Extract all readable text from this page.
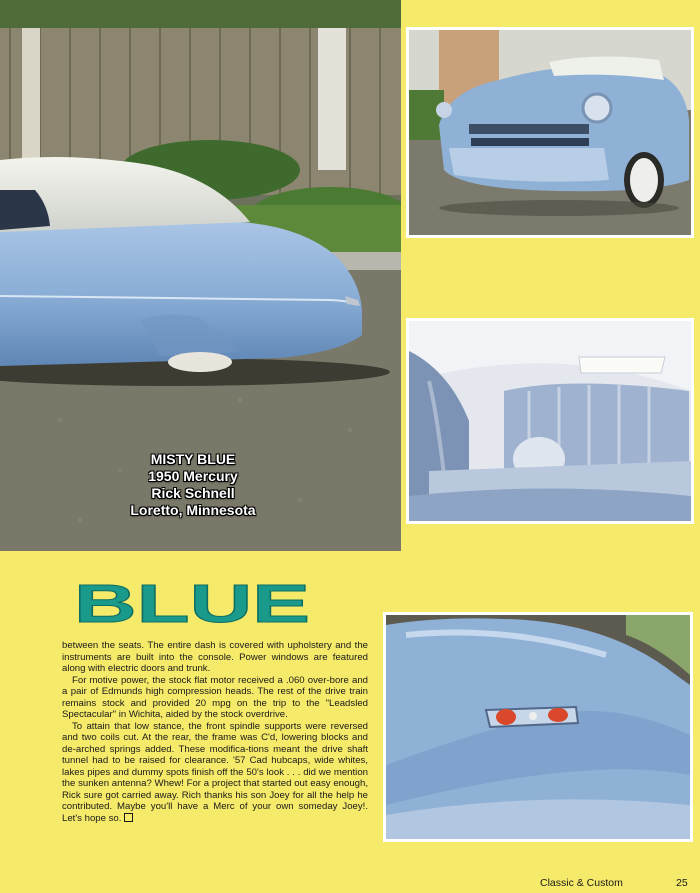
MISTY BLUE
1950 Mercury
Rick Schnell
Loretto, Minnesota
BLUE

between the seats. The entire dash is covered with upholstery and the instruments are built into the console. Power windows are featured along with electric doors and trunk.

For motive power, the stock flat motor received a .060 over-bore and a pair of Edmunds high compression heads. The rest of the drive train remains stock and provided 20 mpg on the trip to the "Leadsled Spectacular" in Wichita, aided by the stock overdrive.

To attain that low stance, the front spindle supports were reversed and two coils cut. At the rear, the frame was C'd, lowering blocks and de-arched springs added. These modifica-tions meant the drive shaft tunnel had to be raised for clearance. '57 Cad hubcaps, wide whites, lakes pipes and dummy spots finish off the 50's look . . . did we mention the sunken antenna? Whew! For a project that started out easy enough, Rick sure got carried away. Rich thanks his son Joey for all the help he contributed. Maybe you'll have a Merc of your own someday Joey!. Let's hope so.

Classic & Custom	25
